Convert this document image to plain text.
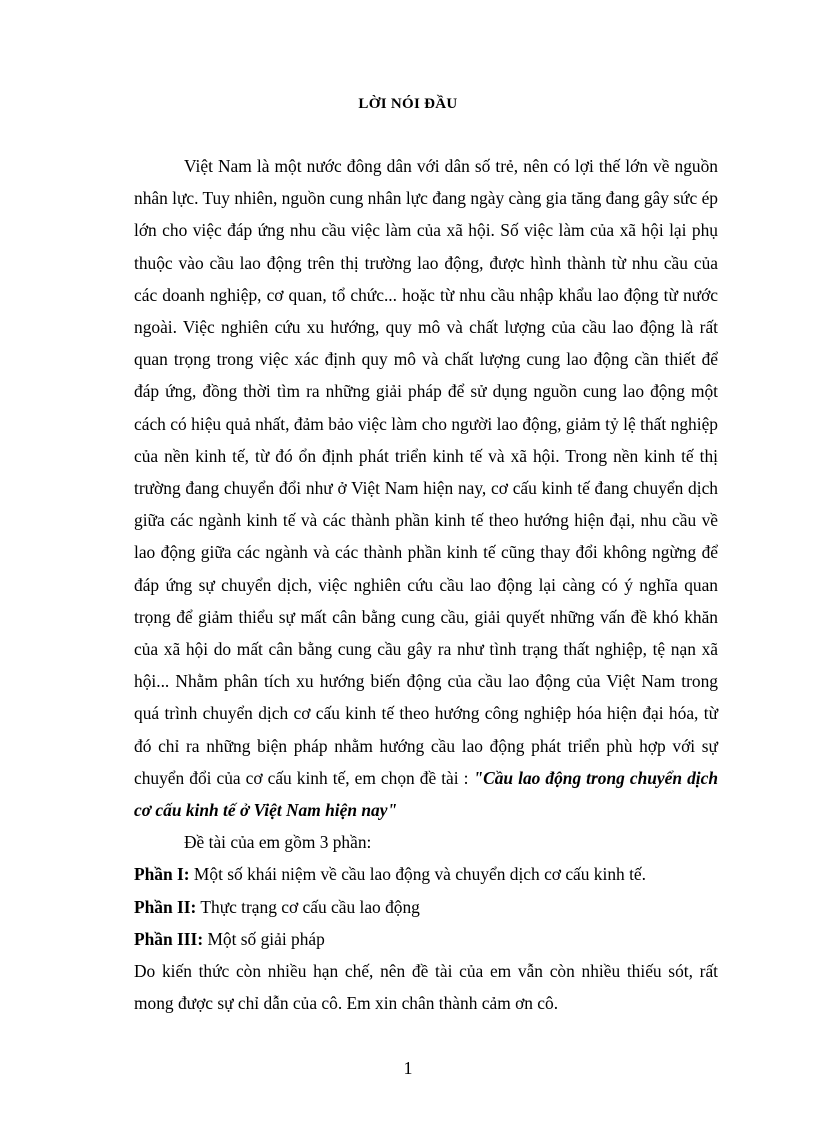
LỜI NÓI ĐẦU

Việt Nam là một nước đông dân với dân số trẻ, nên có lợi thế lớn về nguồn nhân lực. Tuy nhiên, nguồn cung nhân lực đang ngày càng gia tăng đang gây sức ép lớn cho việc đáp ứng nhu cầu việc làm của xã hội. Số việc làm của xã hội lại phụ thuộc vào cầu lao động trên thị trường lao động, được hình thành từ nhu cầu của các doanh nghiệp, cơ quan, tổ chức... hoặc từ nhu cầu nhập khẩu lao động từ nước ngoài. Việc nghiên cứu xu hướng, quy mô và chất lượng của cầu lao động là rất quan trọng trong việc xác định quy mô và chất lượng cung lao động cần thiết để đáp ứng, đồng thời tìm ra những giải pháp để sử dụng nguồn cung lao động một cách có hiệu quả nhất, đảm bảo việc làm cho người lao động, giảm tỷ lệ thất nghiệp của nền kinh tế, từ đó ổn định phát triển kinh tế và xã hội. Trong nền kinh tế thị trường đang chuyển đổi như ở Việt Nam hiện nay, cơ cấu kinh tế đang chuyển dịch giữa các ngành kinh tế và các thành phần kinh tế theo hướng hiện đại, nhu cầu về lao động giữa các ngành và các thành phần kinh tế cũng thay đổi không ngừng để đáp ứng sự chuyển dịch, việc nghiên cứu cầu lao động lại càng có ý nghĩa quan trọng để giảm thiểu sự mất cân bằng cung cầu, giải quyết những vấn đề khó khăn của xã hội do mất cân bằng cung cầu gây ra như tình trạng thất nghiệp, tệ nạn xã hội... Nhằm phân tích xu hướng biến động của cầu lao động của Việt Nam trong quá trình chuyển dịch cơ cấu kinh tế theo hướng công nghiệp hóa hiện đại hóa, từ đó chỉ ra những biện pháp nhằm hướng cầu lao động phát triển phù hợp với sự chuyển đổi của cơ cấu kinh tế, em chọn đề tài : "Cầu lao động trong chuyển dịch cơ cấu kinh tế ở Việt Nam hiện nay"

Đề tài của em gồm 3 phần:

Phần I: Một số khái niệm về cầu lao động và chuyển dịch cơ cấu kinh tế.

Phần II: Thực trạng cơ cấu cầu lao động

Phần III: Một số giải pháp

Do kiến thức còn nhiều hạn chế, nên đề tài của em vẫn còn nhiều thiếu sót, rất mong được sự chỉ dẫn của cô. Em xin chân thành cảm ơn cô.

1
